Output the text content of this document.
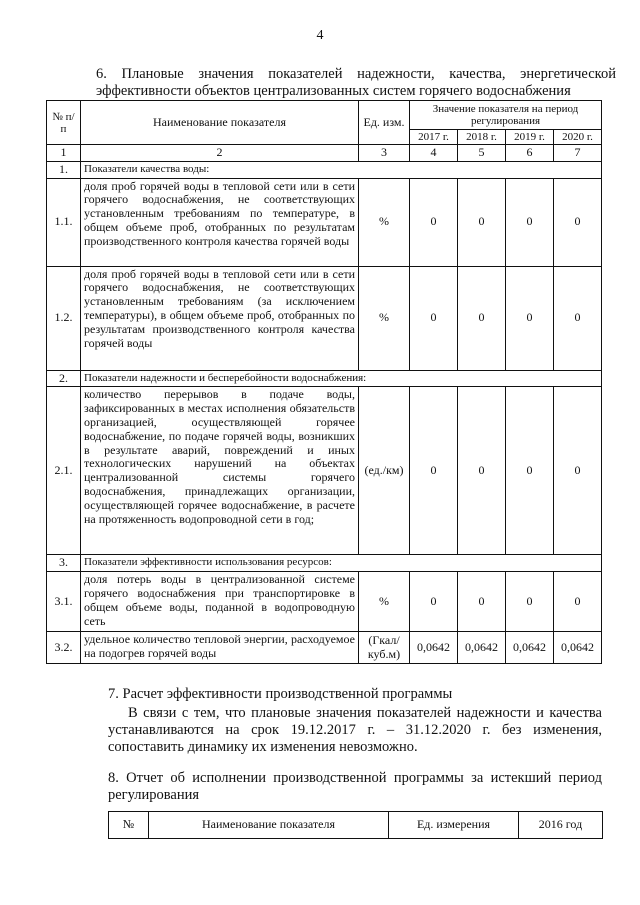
4
6. Плановые значения показателей надежности, качества, энергетической эффективности объектов централизованных систем горячего водоснабжения
№ п/п	Наименование показателя	Ед. изм.	Значение показателя на период регулирования			
			2017 г.	2018 г.	2019 г.	2020 г.
1	2	3	4	5	6	7
1.	Показатели качества воды:					
1.1.	доля проб горячей воды в тепловой сети или в сети горячего водоснабжения, не соответствующих установленным требованиям по температуре, в общем объеме проб, отобранных по результатам производственного контроля качества горячей воды	%	0	0	0	0
1.2.	доля проб горячей воды в тепловой сети или в сети горячего водоснабжения, не соответствующих установленным требованиям (за исключением температуры), в общем объеме проб, отобранных по результатам производственного контроля качества горячей воды	%	0	0	0	0
2.	Показатели надежности и бесперебойности водоснабжения:					
2.1.	количество перерывов в подаче воды, зафиксированных в местах исполнения обязательств организацией, осуществляющей горячее водоснабжение, по подаче горячей воды, возникших в результате аварий, повреждений и иных технологических нарушений на объектах централизованной системы горячего водоснабжения, принадлежащих организации, осуществляющей горячее водоснабжение, в расчете на протяженность водопроводной сети в год;	(ед./км)	0	0	0	0
3.	Показатели эффективности использования ресурсов:					
3.1.	доля потерь воды в централизованной системе горячего водоснабжения при транспортировке в общем объеме воды, поданной в водопроводную сеть	%	0	0	0	0
3.2.	удельное количество тепловой энергии, расходуемое на подогрев горячей воды	(Гкал/куб.м)	0,0642	0,0642	0,0642	0,0642
7. Расчет эффективности производственной программы
В связи с тем, что плановые значения показателей надежности и качества устанавливаются на срок 19.12.2017 г. – 31.12.2020 г. без изменения, сопоставить динамику их изменения невозможно.
8. Отчет об исполнении производственной программы за истекший период регулирования
№	Наименование показателя	Ед. измерения	2016 год
